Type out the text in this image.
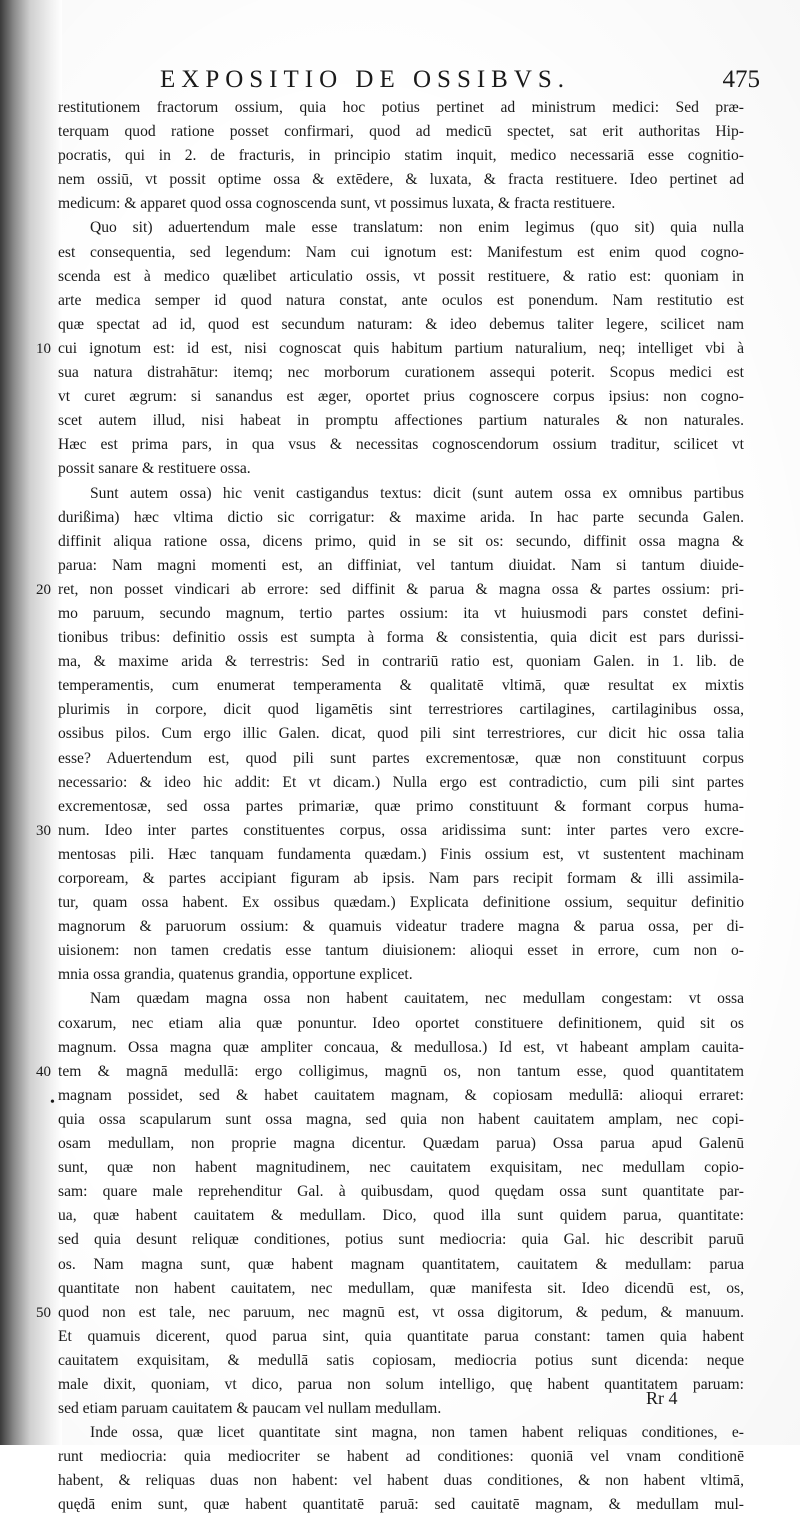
EXPOSITIO DE OSSIBVS.	475
restitutionem fractorum ossium, quia hoc potius pertinet ad ministrum medici: Sed præ-
terquam quod ratione posset confirmari, quod ad medicū spectet, sat erit authoritas Hip-
pocratis, qui in 2. de fracturis, in principio statim inquit, medico necessariā esse cognitio-
nem ossiū, vt possit optime ossa & extēdere, & luxata, & fracta restituere. Ideo pertinet ad
medicum: & apparet quod ossa cognoscenda sunt, vt possimus luxata, & fracta restituere.
Quo sit) aduertendum male esse translatum: non enim legimus (quo sit) quia nulla
est consequentia, sed legendum: Nam cui ignotum est: Manifestum est enim quod cogno-
scenda est à medico quælibet articulatio ossis, vt possit restituere, & ratio est: quoniam in
arte medica semper id quod natura constat, ante oculos est ponendum. Nam restitutio est
quæ spectat ad id, quod est secundum naturam: & ideo debemus taliter legere, scilicet nam
cui ignotum est: id est, nisi cognoscat quis habitum partium naturalium, neq; intelliget vbi à
10
sua natura distrahātur: itemq; nec morborum curationem assequi poterit. Scopus medici est
vt curet ægrum: si sanandus est æger, oportet prius cognoscere corpus ipsius: non cogno-
scet autem illud, nisi habeat in promptu affectiones partium naturales & non naturales.
Hæc est prima pars, in qua vsus & necessitas cognoscendorum ossium traditur, scilicet vt
possit sanare & restituere ossa.
Sunt autem ossa) hic venit castigandus textus: dicit (sunt autem ossa ex omnibus partibus
durißima) hæc vltima dictio sic corrigatur: & maxime arida. In hac parte secunda Galen.
diffinit aliqua ratione ossa, dicens primo, quid in se sit os: secundo, diffinit ossa magna &
parua: Nam magni momenti est, an diffiniat, vel tantum diuidat. Nam si tantum diuide-
ret, non posset vindicari ab errore: sed diffinit & parua & magna ossa & partes ossium: pri-
20
mo paruum, secundo magnum, tertio partes ossium: ita vt huiusmodi pars constet defini-
tionibus tribus: definitio ossis est sumpta à forma & consistentia, quia dicit est pars durissi-
ma, & maxime arida & terrestris: Sed in contrariū ratio est, quoniam Galen. in 1. lib. de
temperamentis, cum enumerat temperamenta & qualitatē vltimā, quæ resultat ex mixtis
plurimis in corpore, dicit quod ligamētis sint terrestriores cartilagines, cartilaginibus ossa,
ossibus pilos. Cum ergo illic Galen. dicat, quod pili sint terrestriores, cur dicit hic ossa talia
esse? Aduertendum est, quod pili sunt partes excrementosæ, quæ non constituunt corpus
necessario: & ideo hic addit: Et vt dicam.) Nulla ergo est contradictio, cum pili sint partes
excrementosæ, sed ossa partes primariæ, quæ primo constituunt & formant corpus huma-
num. Ideo inter partes constituentes corpus, ossa aridissima sunt: inter partes vero excre-
30
mentosas pili. Hæc tanquam fundamenta quædam.) Finis ossium est, vt sustentent machinam
corpoream, & partes accipiant figuram ab ipsis. Nam pars recipit formam & illi assimila-
tur, quam ossa habent. Ex ossibus quædam.) Explicata definitione ossium, sequitur definitio
magnorum & paruorum ossium: & quamuis videatur tradere magna & parua ossa, per di-
uisionem: non tamen credatis esse tantum diuisionem: alioqui esset in errore, cum non o-
mnia ossa grandia, quatenus grandia, opportune explicet.
Nam quædam magna ossa non habent cauitatem, nec medullam congestam: vt ossa
coxarum, nec etiam alia quæ ponuntur. Ideo oportet constituere definitionem, quid sit os
magnum. Ossa magna quæ ampliter concaua, & medullosa.) Id est, vt habeant amplam cauita-
tem & magnā medullā: ergo colligimus, magnū os, non tantum esse, quod quantitatem
40
magnam possidet, sed & habet cauitatem magnam, & copiosam medullā: alioqui erraret:
quia ossa scapularum sunt ossa magna, sed quia non habent cauitatem amplam, nec copi-
osam medullam, non proprie magna dicentur. Quædam parua) Ossa parua apud Galenū
sunt, quæ non habent magnitudinem, nec cauitatem exquisitam, nec medullam copio-
sam: quare male reprehenditur Gal. à quibusdam, quod quędam ossa sunt quantitate par-
ua, quæ habent cauitatem & medullam. Dico, quod illa sunt quidem parua, quantitate:
sed quia desunt reliquæ conditiones, potius sunt mediocria: quia Gal. hic describit paruū
os. Nam magna sunt, quæ habent magnam quantitatem, cauitatem & medullam: parua
quantitate non habent cauitatem, nec medullam, quæ manifesta sit. Ideo dicendū est, os,
quod non est tale, nec paruum, nec magnū est, vt ossa digitorum, & pedum, & manuum.
50
Et quamuis dicerent, quod parua sint, quia quantitate parua constant: tamen quia habent
cauitatem exquisitam, & medullā satis copiosam, mediocria potius sunt dicenda: neque
male dixit, quoniam, vt dico, parua non solum intelligo, quę habent quantitatem paruam:
sed etiam paruam cauitatem & paucam vel nullam medullam.
Inde ossa, quæ licet quantitate sint magna, non tamen habent reliquas conditiones, e-
runt mediocria: quia mediocriter se habent ad conditiones: quoniā vel vnam conditionē
habent, & reliquas duas non habent: vel habent duas conditiones, & non habent vltimā,
quędā enim sunt, quæ habent quantitatē paruā: sed cauitatē magnam, & medullam mul-
•
Rr 4
